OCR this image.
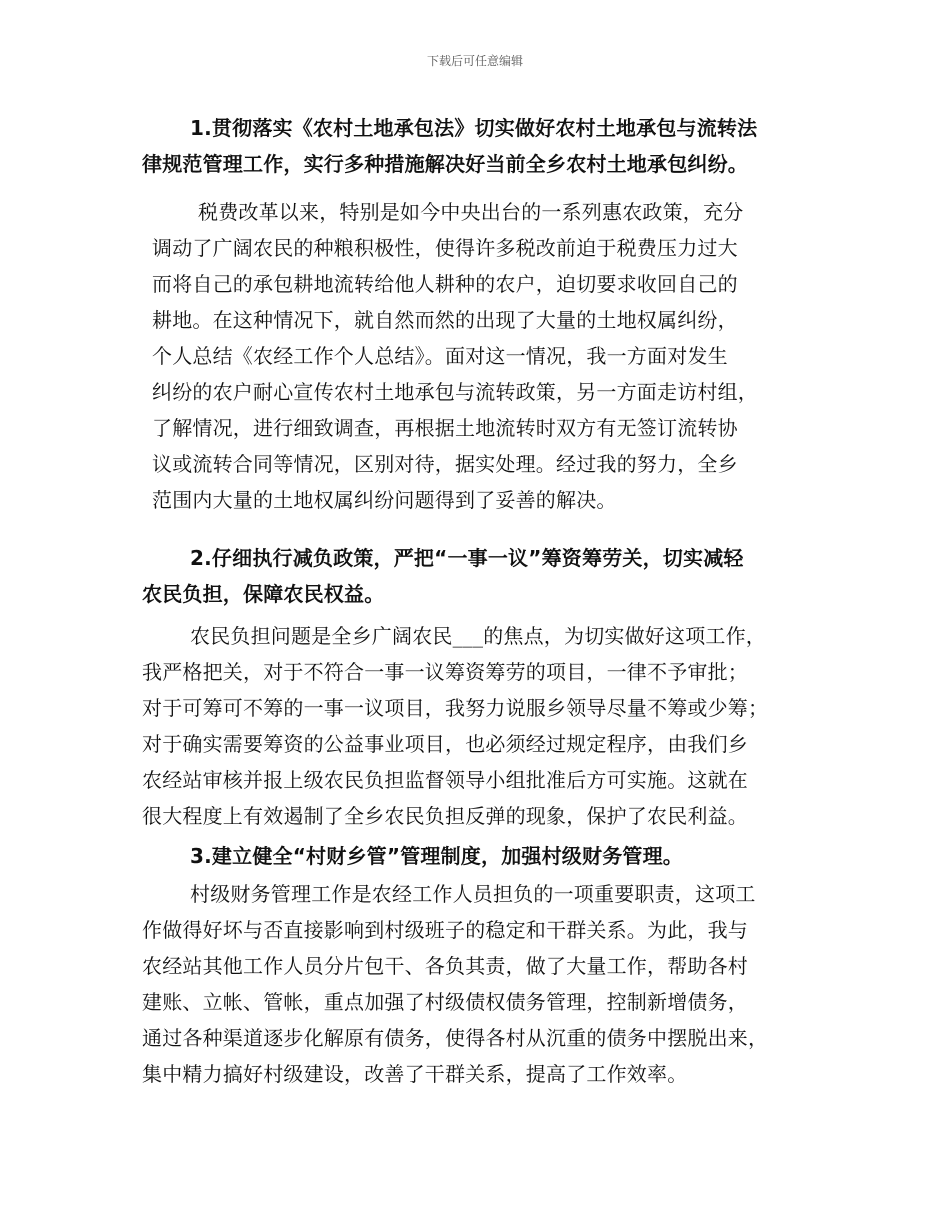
下载后可任意编辑
1.贯彻落实《农村土地承包法》切实做好农村土地承包与流转法
律规范管理工作，实行多种措施解决好当前全乡农村土地承包纠纷。
税费改革以来，特别是如今中央出台的一系列惠农政策，充分
调动了广阔农民的种粮积极性，使得许多税改前迫于税费压力过大
而将自己的承包耕地流转给他人耕种的农户，迫切要求收回自己的
耕地。在这种情况下，就自然而然的出现了大量的土地权属纠纷，
个人总结《农经工作个人总结》。面对这一情况，我一方面对发生
纠纷的农户耐心宣传农村土地承包与流转政策，另一方面走访村组，
了解情况，进行细致调查，再根据土地流转时双方有无签订流转协
议或流转合同等情况，区别对待，据实处理。经过我的努力，全乡
范围内大量的土地权属纠纷问题得到了妥善的解决。
2.仔细执行减负政策，严把“一事一议”筹资筹劳关，切实减轻
农民负担，保障农民权益。
农民负担问题是全乡广阔农民___的焦点，为切实做好这项工作，
我严格把关，对于不符合一事一议筹资筹劳的项目，一律不予审批；
对于可筹可不筹的一事一议项目，我努力说服乡领导尽量不筹或少筹；
对于确实需要筹资的公益事业项目，也必须经过规定程序，由我们乡
农经站审核并报上级农民负担监督领导小组批准后方可实施。这就在
很大程度上有效遏制了全乡农民负担反弹的现象，保护了农民利益。
3.建立健全“村财乡管”管理制度，加强村级财务管理。
村级财务管理工作是农经工作人员担负的一项重要职责，这项工
作做得好坏与否直接影响到村级班子的稳定和干群关系。为此，我与
农经站其他工作人员分片包干、各负其责，做了大量工作，帮助各村
建账、立帐、管帐，重点加强了村级债权债务管理，控制新增债务，
通过各种渠道逐步化解原有债务，使得各村从沉重的债务中摆脱出来，
集中精力搞好村级建设，改善了干群关系，提高了工作效率。
